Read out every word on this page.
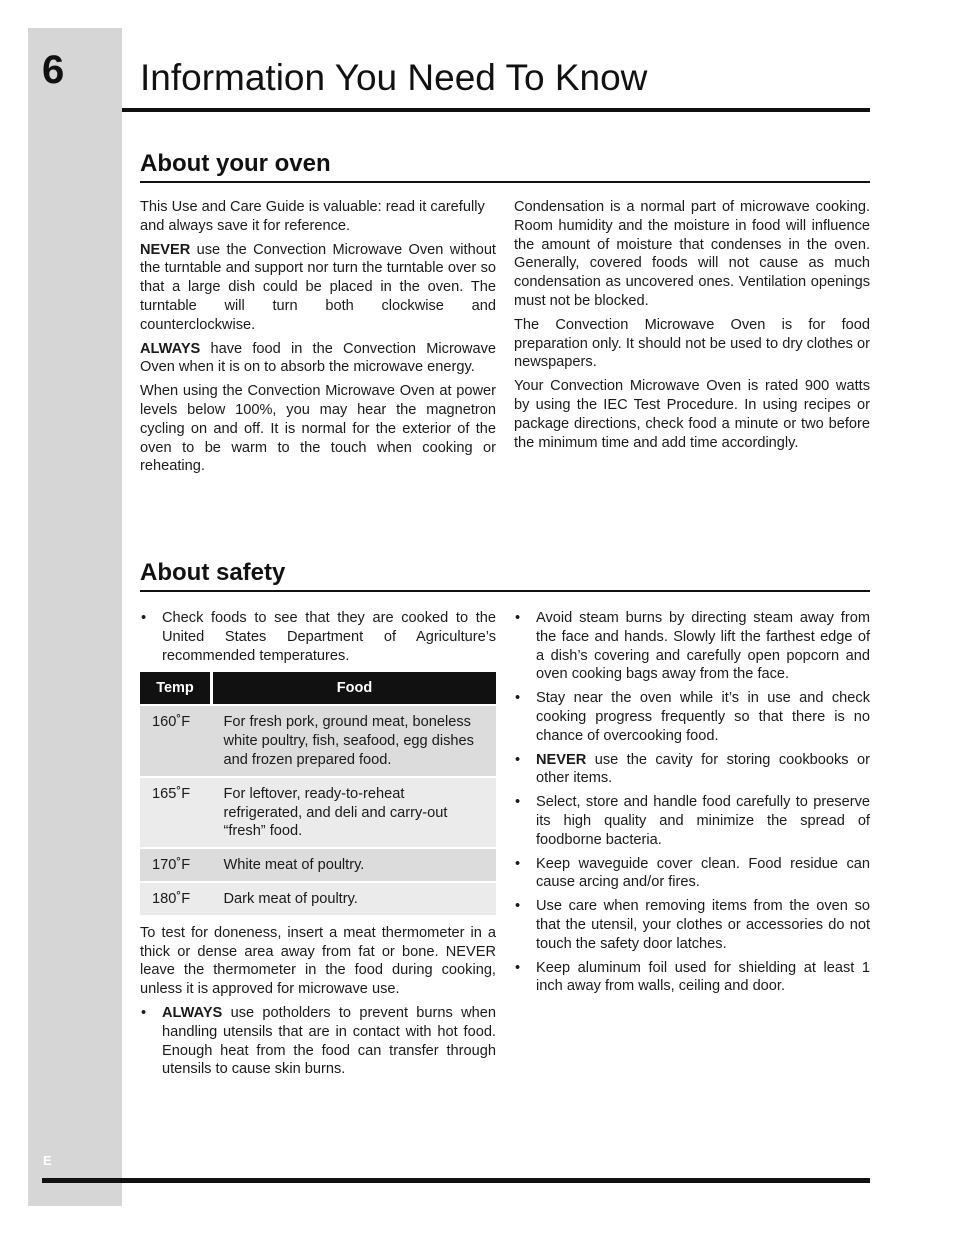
6 Information You Need To Know
About your oven

This Use and Care Guide is valuable: read it carefully and always save it for reference.

NEVER use the Convection Microwave Oven without the turntable and support nor turn the turntable over so that a large dish could be placed in the oven. The turntable will turn both clockwise and counterclockwise.

ALWAYS have food in the Convection Microwave Oven when it is on to absorb the microwave energy.

When using the Convection Microwave Oven at power levels below 100%, you may hear the magnetron cycling on and off. It is normal for the exterior of the oven to be warm to the touch when cooking or reheating.

Condensation is a normal part of microwave cooking. Room humidity and the moisture in food will influence the amount of moisture that condenses in the oven. Generally, covered foods will not cause as much condensation as uncovered ones. Ventilation openings must not be blocked.

The Convection Microwave Oven is for food preparation only. It should not be used to dry clothes or newspapers.

Your Convection Microwave Oven is rated 900 watts by using the IEC Test Procedure. In using recipes or package directions, check food a minute or two before the minimum time and add time accordingly.

About safety
• Check foods to see that they are cooked to the United States Department of Agriculture’s recommended temperatures.
Temp	Food
160˚F	For fresh pork, ground meat, boneless white poultry, fish, seafood, egg dishes and frozen prepared food.
165˚F	For leftover, ready-to-reheat refrigerated, and deli and carry-out “fresh” food.
170˚F	White meat of poultry.
180˚F	Dark meat of poultry.

To test for doneness, insert a meat thermometer in a thick or dense area away from fat or bone. NEVER leave the thermometer in the food during cooking, unless it is approved for microwave use.

• ALWAYS use potholders to prevent burns when handling utensils that are in contact with hot food. Enough heat from the food can transfer through utensils to cause skin burns.
• Avoid steam burns by directing steam away from the face and hands. Slowly lift the farthest edge of a dish’s covering and carefully open popcorn and oven cooking bags away from the face.
• Stay near the oven while it’s in use and check cooking progress frequently so that there is no chance of overcooking food.
• NEVER use the cavity for storing cookbooks or other items.
• Select, store and handle food carefully to preserve its high quality and minimize the spread of foodborne bacteria.
• Keep waveguide cover clean. Food residue can cause arcing and/or fires.
• Use care when removing items from the oven so that the utensil, your clothes or accessories do not touch the safety door latches.
• Keep aluminum foil used for shielding at least 1 inch away from walls, ceiling and door.
E
